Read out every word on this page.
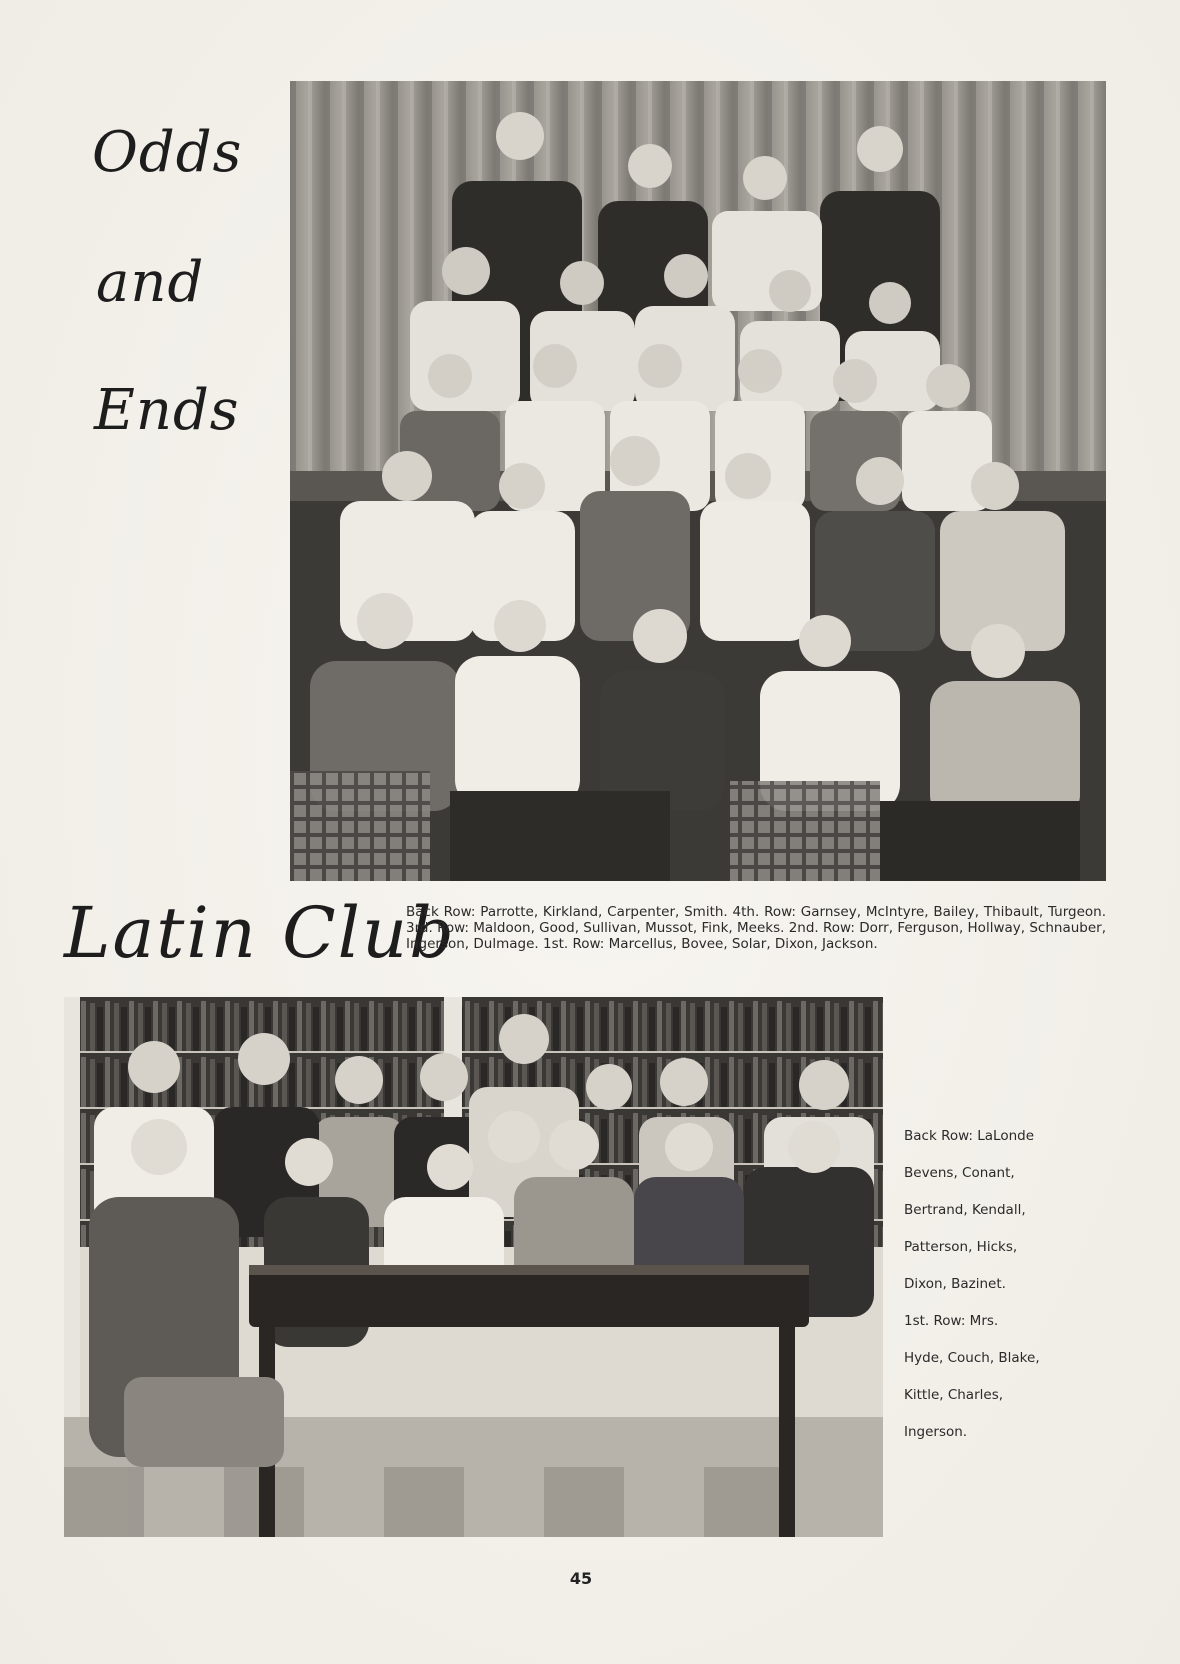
Odds
and
Ends
Latin Club
Back Row: Parrotte, Kirkland, Carpenter, Smith. 4th. Row: Garnsey, McIntyre, Bailey, Thibault, Turgeon. 3rd. Row: Maldoon, Good, Sullivan, Mussot, Fink, Meeks. 2nd. Row: Dorr, Ferguson, Hollway, Schnauber, Ingerson, Dulmage. 1st. Row: Marcellus, Bovee, Solar, Dixon, Jackson.
Back Row: LaLonde
Bevens, Conant,
Bertrand, Kendall,
Patterson, Hicks,
Dixon, Bazinet.
1st. Row: Mrs.
Hyde, Couch, Blake,
Kittle, Charles,
Ingerson.
45
